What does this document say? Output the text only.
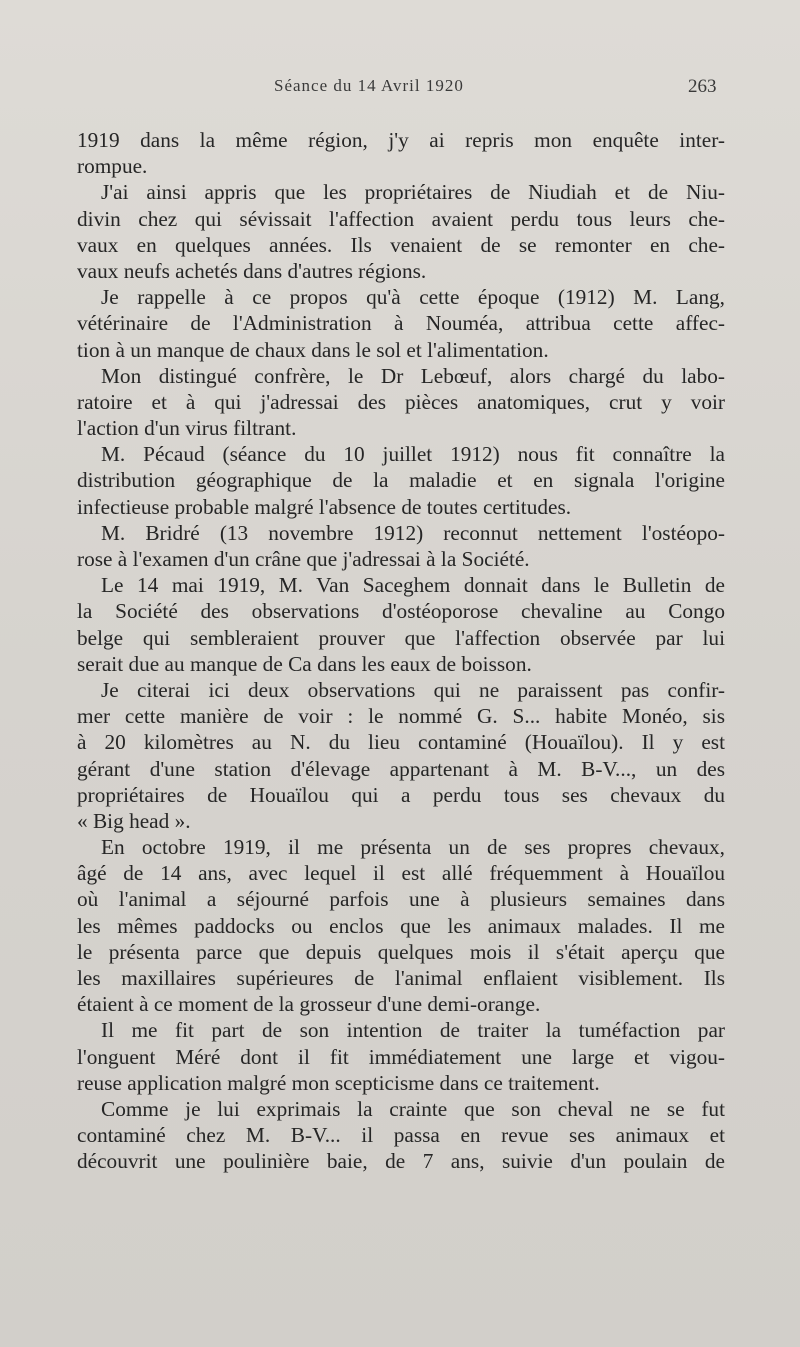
Séance du 14 Avril 1920	263
1919 dans la même région, j'y ai repris mon enquête inter-
rompue.
J'ai ainsi appris que les propriétaires de Niudiah et de Niu-
divin chez qui sévissait l'affection avaient perdu tous leurs che-
vaux en quelques années. Ils venaient de se remonter en che-
vaux neufs achetés dans d'autres régions.
Je rappelle à ce propos qu'à cette époque (1912) M. Lang,
vétérinaire de l'Administration à Nouméa, attribua cette affec-
tion à un manque de chaux dans le sol et l'alimentation.
Mon distingué confrère, le Dr Lebœuf, alors chargé du labo-
ratoire et à qui j'adressai des pièces anatomiques, crut y voir
l'action d'un virus filtrant.
M. Pécaud (séance du 10 juillet 1912) nous fit connaître la
distribution géographique de la maladie et en signala l'origine
infectieuse probable malgré l'absence de toutes certitudes.
M. Bridré (13 novembre 1912) reconnut nettement l'ostéopo-
rose à l'examen d'un crâne que j'adressai à la Société.
Le 14 mai 1919, M. Van Saceghem donnait dans le Bulletin de
la Société des observations d'ostéoporose chevaline au Congo
belge qui sembleraient prouver que l'affection observée par lui
serait due au manque de Ca dans les eaux de boisson.
Je citerai ici deux observations qui ne paraissent pas confir-
mer cette manière de voir : le nommé G. S... habite Monéo, sis
à 20 kilomètres au N. du lieu contaminé (Houaïlou). Il y est
gérant d'une station d'élevage appartenant à M. B-V..., un des
propriétaires de Houaïlou qui a perdu tous ses chevaux du
« Big head ».
En octobre 1919, il me présenta un de ses propres chevaux,
âgé de 14 ans, avec lequel il est allé fréquemment à Houaïlou
où l'animal a séjourné parfois une à plusieurs semaines dans
les mêmes paddocks ou enclos que les animaux malades. Il me
le présenta parce que depuis quelques mois il s'était aperçu que
les maxillaires supérieures de l'animal enflaient visiblement. Ils
étaient à ce moment de la grosseur d'une demi-orange.
Il me fit part de son intention de traiter la tuméfaction par
l'onguent Méré dont il fit immédiatement une large et vigou-
reuse application malgré mon scepticisme dans ce traitement.
Comme je lui exprimais la crainte que son cheval ne se fut
contaminé chez M. B-V... il passa en revue ses animaux et
découvrit une poulinière baie, de 7 ans, suivie d'un poulain de
